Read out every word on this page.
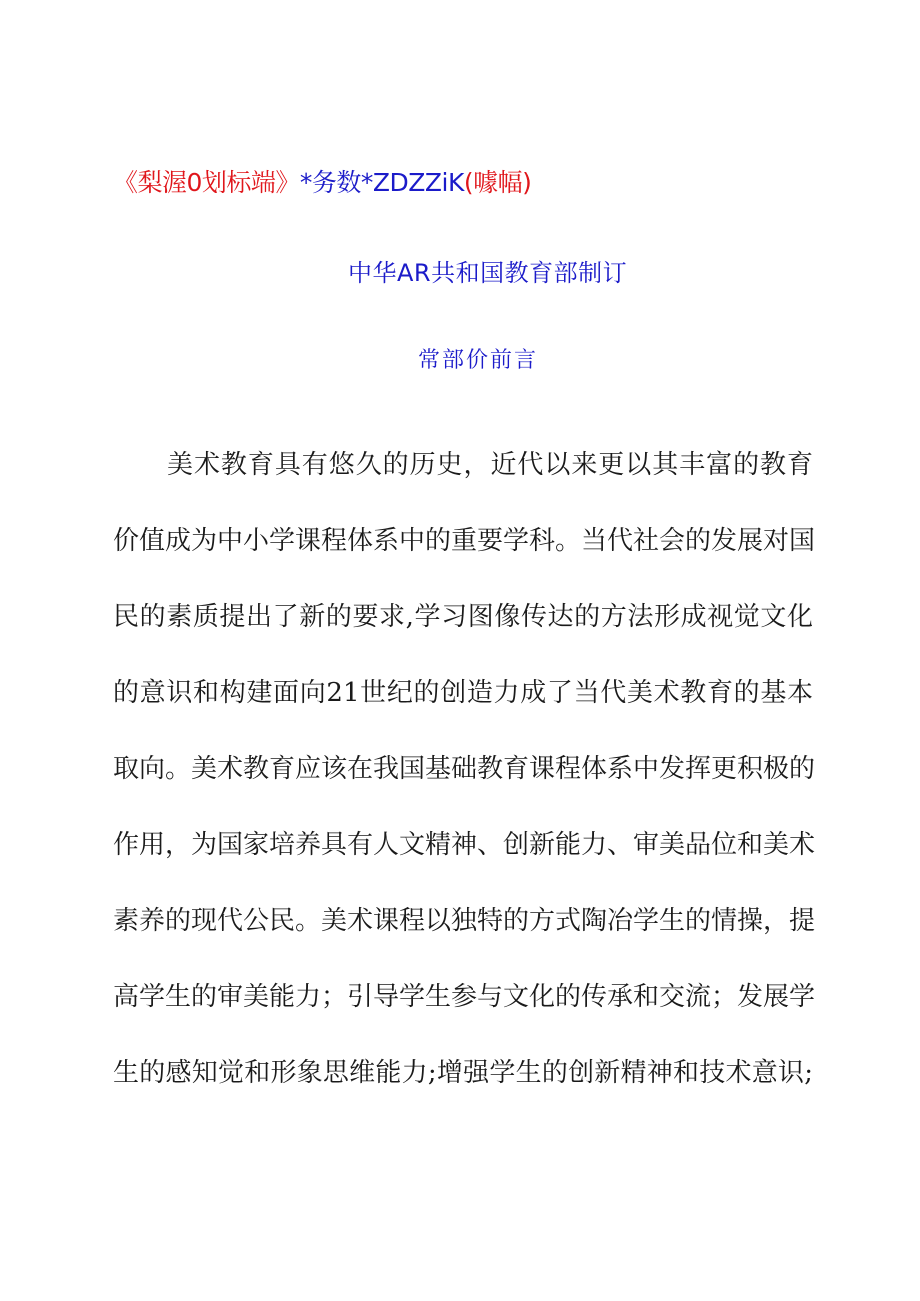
《梨渥0划标端》*务数*ZDZZiK(噱幅)
中华AR共和国教育部制订
常部价前言
美术教育具有悠久的历史，近代以来更以其丰富的教育
价值成为中小学课程体系中的重要学科。当代社会的发展对国
民的素质提出了新的要求,学习图像传达的方法形成视觉文化
的意识和构建面向21世纪的创造力成了当代美术教育的基本
取向。美术教育应该在我国基础教育课程体系中发挥更积极的
作用，为国家培养具有人文精神、创新能力、审美品位和美术
素养的现代公民。美术课程以独特的方式陶冶学生的情操，提
高学生的审美能力；引导学生参与文化的传承和交流；发展学
生的感知觉和形象思维能力;增强学生的创新精神和技术意识;
